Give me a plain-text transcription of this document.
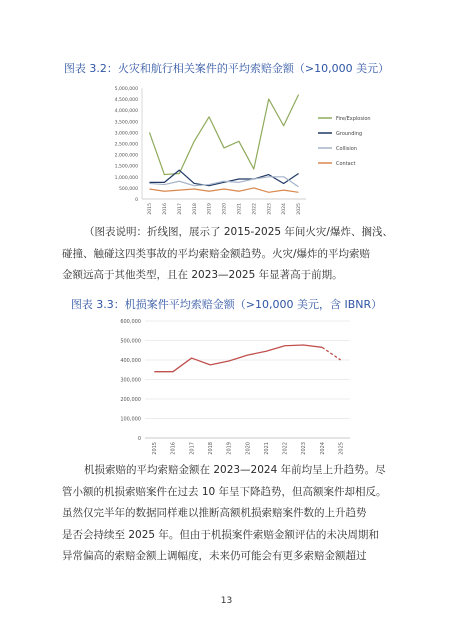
图表 3.2：火灾和航行相关案件的平均索赔金额（>10,000 美元）
0
500,000
1,000,000
1,500,000
2,000,000
2,500,000
3,000,000
3,500,000
4,000,000
4,500,000
5,000,000
2015 2016 2017 2018 2019 2020 2021 2022 2023 2024 2025
Fire/Explosion
Grounding
Collision
Contact
（图表说明：折线图，展示了 2015-2025 年间火灾/爆炸、搁浅、
碰撞、触碰这四类事故的平均索赔金额趋势。火灾/爆炸的平均索赔
金额远高于其他类型，且在 2023—2025 年显著高于前期。
图表 3.3：机损案件平均索赔金额（>10,000 美元，含 IBNR）
0
100,000
200,000
300,000
400,000
500,000
600,000
2015	2016	2017	2018	2019	2020	2021	2022	2023	2024	2025
机损索赔的平均索赔金额在 2023—2024 年前均呈上升趋势。尽
管小额的机损索赔案件在过去 10 年呈下降趋势，但高额案件却相反。
虽然仅完半年的数据同样难以推断高额机损索赔案件数的上升趋势
是否会持续至 2025 年。但由于机损案件索赔金额评估的未决周期和
异常偏高的索赔金额上调幅度，未来仍可能会有更多索赔金额超过
13
